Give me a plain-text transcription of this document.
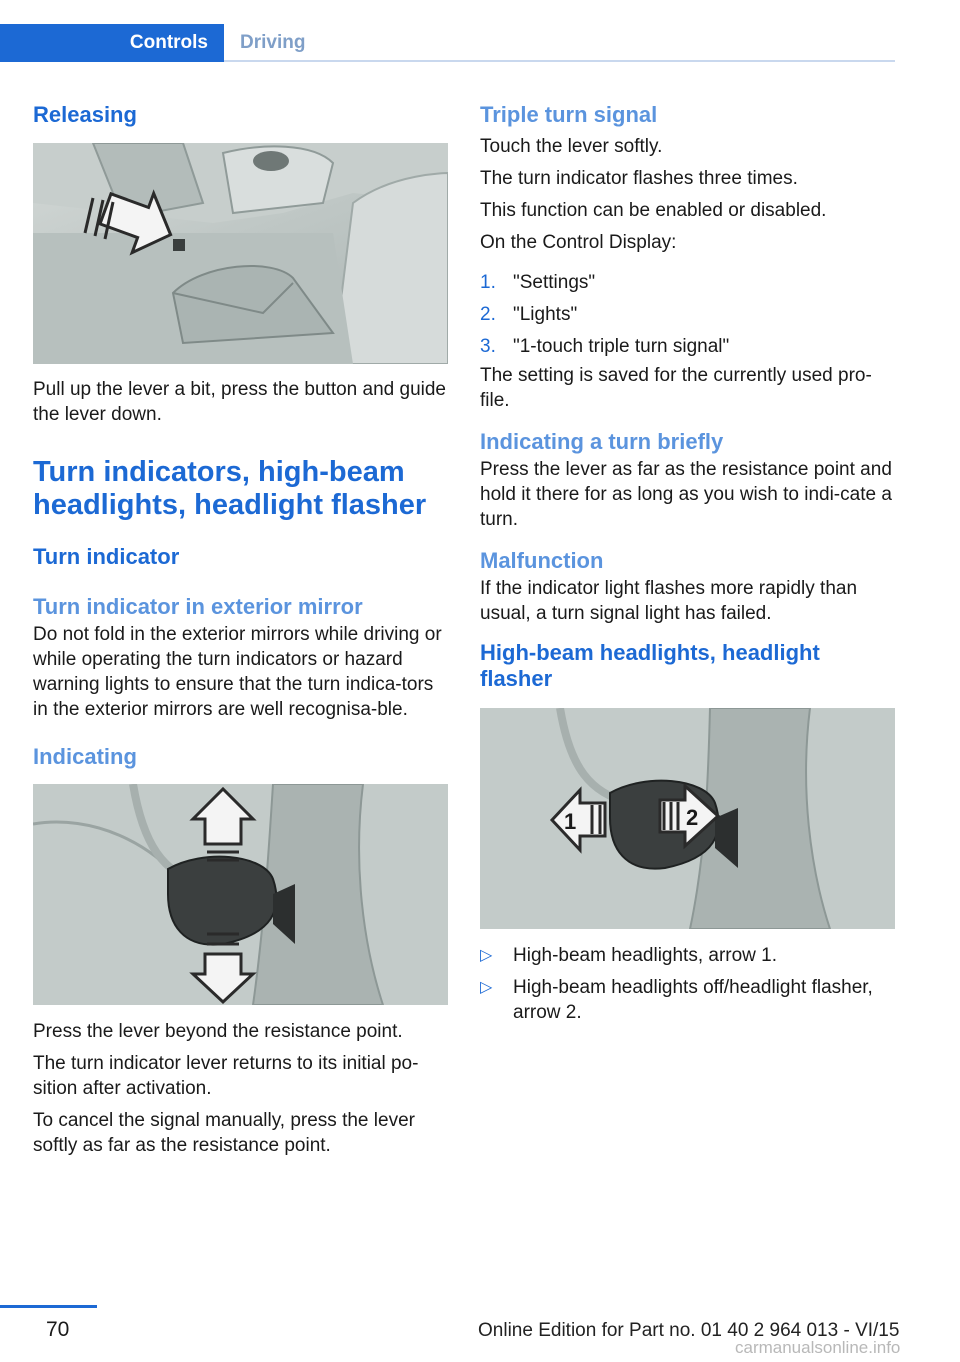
Controls	Driving
Releasing

Pull up the lever a bit, press the button and guide the lever down.

Turn indicators, high-beam headlights, headlight flasher
Turn indicator
Turn indicator in exterior mirror

Do not fold in the exterior mirrors while driving or while operating the turn indicators or hazard warning lights to ensure that the turn indica-tors in the exterior mirrors are well recognisa-ble.

Indicating

Press the lever beyond the resistance point.

The turn indicator lever returns to its initial po-sition after activation.

To cancel the signal manually, press the lever softly as far as the resistance point.

Triple turn signal

Touch the lever softly.

The turn indicator flashes three times.

This function can be enabled or disabled.

On the Control Display:

1. "Settings"
2. "Lights"
3. "1-touch triple turn signal"

The setting is saved for the currently used pro-file.

Indicating a turn briefly

Press the lever as far as the resistance point and hold it there for as long as you wish to indi-cate a turn.

Malfunction

If the indicator light flashes more rapidly than usual, a turn signal light has failed.

High-beam headlights, headlight flasher
1	2
▷	High-beam headlights, arrow 1.
▷	High-beam headlights off/headlight flasher, arrow 2.
70	Online Edition for Part no. 01 40 2 964 013 - VI/15
carmanualsonline.info
